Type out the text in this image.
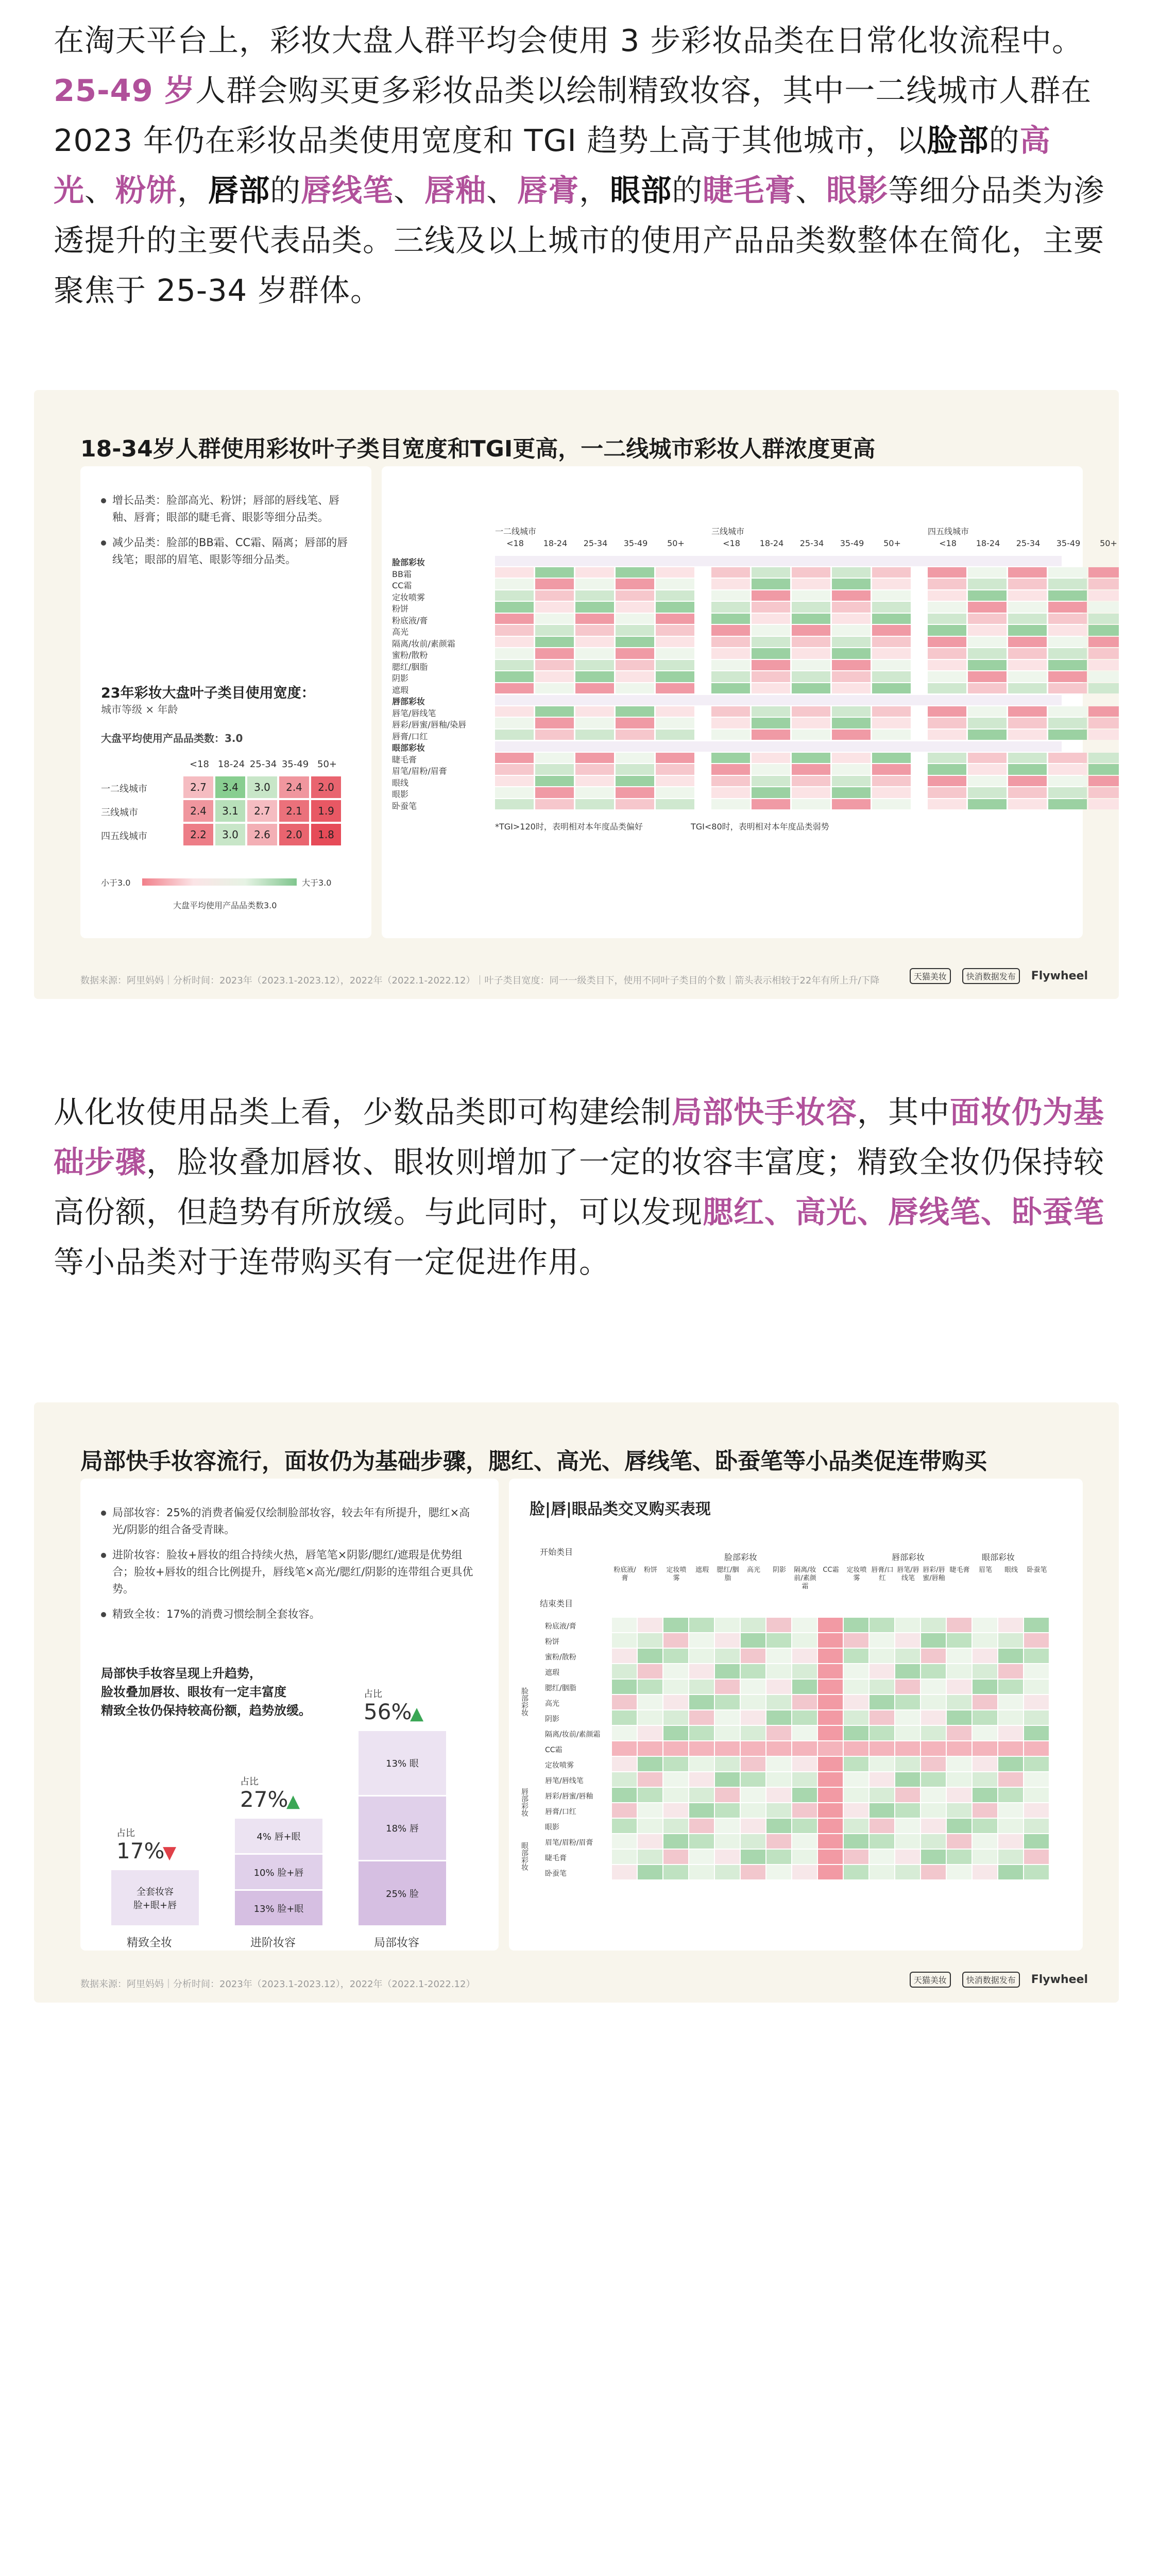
在淘天平台上，彩妆大盘人群平均会使用 3 步彩妆品类在日常化妆流程中。25-49 岁人群会购买更多彩妆品类以绘制精致妆容，其中一二线城市人群在 2023 年仍在彩妆品类使用宽度和 TGI 趋势上高于其他城市，以脸部的高光、粉饼，唇部的唇线笔、唇釉、唇膏，眼部的睫毛膏、眼影等细分品类为渗透提升的主要代表品类。三线及以上城市的使用产品品类数整体在简化，主要聚焦于 25-34 岁群体。
18-34岁人群使用彩妆叶子类目宽度和TGI更高，一二线城市彩妆人群浓度更高
增长品类：脸部高光、粉饼；唇部的唇线笔、唇釉、唇膏；眼部的睫毛膏、眼影等细分品类。
减少品类：脸部的BB霜、CC霜、隔离；唇部的唇线笔；眼部的眉笔、眼影等细分品类。
23年彩妆大盘叶子类目使用宽度：
城市等级 × 年龄
大盘平均使用产品品类数：3.0
<18 18-24 25-34 35-49 50+
一二线城市	2.7	3.4	3.0	2.4	2.0
三线城市	2.4	3.1	2.7	2.1	1.9
四五线城市	2.2	3.0	2.6	2.0	1.8
小于3.0	大于3.0
大盘平均使用产品品类数3.0
一二线城市	三线城市	四五线城市
<18	18-24	25-34	35-49	50+	<18	18-24	25-34	35-49	50+	<18	18-24	25-34	35-49	50+
脸部彩妆
BB霜
CC霜
定妆喷雾
粉饼
粉底液/膏
高光
隔离/妆前/素颜霜
蜜粉/散粉
腮红/胭脂
阴影
遮瑕
唇部彩妆
唇笔/唇线笔
唇彩/唇蜜/唇釉/染唇
唇膏/口红
眼部彩妆
睫毛膏
眉笔/眉粉/眉膏
眼线
眼影
卧蚕笔
*TGI>120时，表明相对本年度品类偏好	TGI<80时，表明相对本年度品类弱势
数据来源：阿里妈妈｜分析时间：2023年（2023.1-2023.12），2022年（2022.1-2022.12）｜叶子类目宽度：同一一级类目下，使用不同叶子类目的个数｜箭头表示相较于22年有所上升/下降	天猫美妆	快消数据发布	Flywheel
从化妆使用品类上看，少数品类即可构建绘制局部快手妆容，其中面妆仍为基础步骤，脸妆叠加唇妆、眼妆则增加了一定的妆容丰富度；精致全妆仍保持较高份额，但趋势有所放缓。与此同时，可以发现腮红、高光、唇线笔、卧蚕笔等小品类对于连带购买有一定促进作用。
局部快手妆容流行，面妆仍为基础步骤，腮红、高光、唇线笔、卧蚕笔等小品类促连带购买
局部妆容：25%的消费者偏爱仅绘制脸部妆容，较去年有所提升，腮红×高光/阴影的组合备受青睐。
进阶妆容：脸妆+唇妆的组合持续火热，唇笔笔×阴影/腮红/遮瑕是优势组合；脸妆+唇妆的组合比例提升，唇线笔×高光/腮红/阴影的连带组合更具优势。
精致全妆：17%的消费习惯绘制全套妆容。
局部快手妆容呈现上升趋势，
脸妆叠加唇妆、眼妆有一定丰富度
精致全妆仍保持较高份额，趋势放缓。
全套妆容
脸+眼+唇
占比
17%
▼
精致全妆
4% 唇+眼
10% 脸+唇
13% 脸+眼
占比
27%
▲
进阶妆容
13% 眼
18% 唇
25% 脸
占比
56%
▲
局部妆容
脸|唇|眼品类交叉购买表现
开始类目
结束类目
脸部彩妆	唇部彩妆	眼部彩妆
粉底液/膏
粉饼	定妆喷雾
遮瑕	腮红/胭脂
高光	阴影	隔离/妆前/素颜霜
CC霜	定妆喷雾
唇膏/口红
唇笔/唇线笔
唇彩/唇蜜/唇釉
睫毛膏	眉笔	眼线	卧蚕笔
粉底液/膏
粉饼
蜜粉/散粉
遮瑕
腮红/胭脂
高光
阴影
隔离/妆前/素颜霜
CC霜
定妆喷雾
唇笔/唇线笔
唇彩/唇蜜/唇釉
唇膏/口红
眼影
眉笔/眉粉/眉膏
睫毛膏
卧蚕笔
脸部彩妆
唇部彩妆
眼部彩妆
数据来源：阿里妈妈｜分析时间：2023年（2023.1-2023.12），2022年（2022.1-2022.12）	天猫美妆	快消数据发布	Flywheel
